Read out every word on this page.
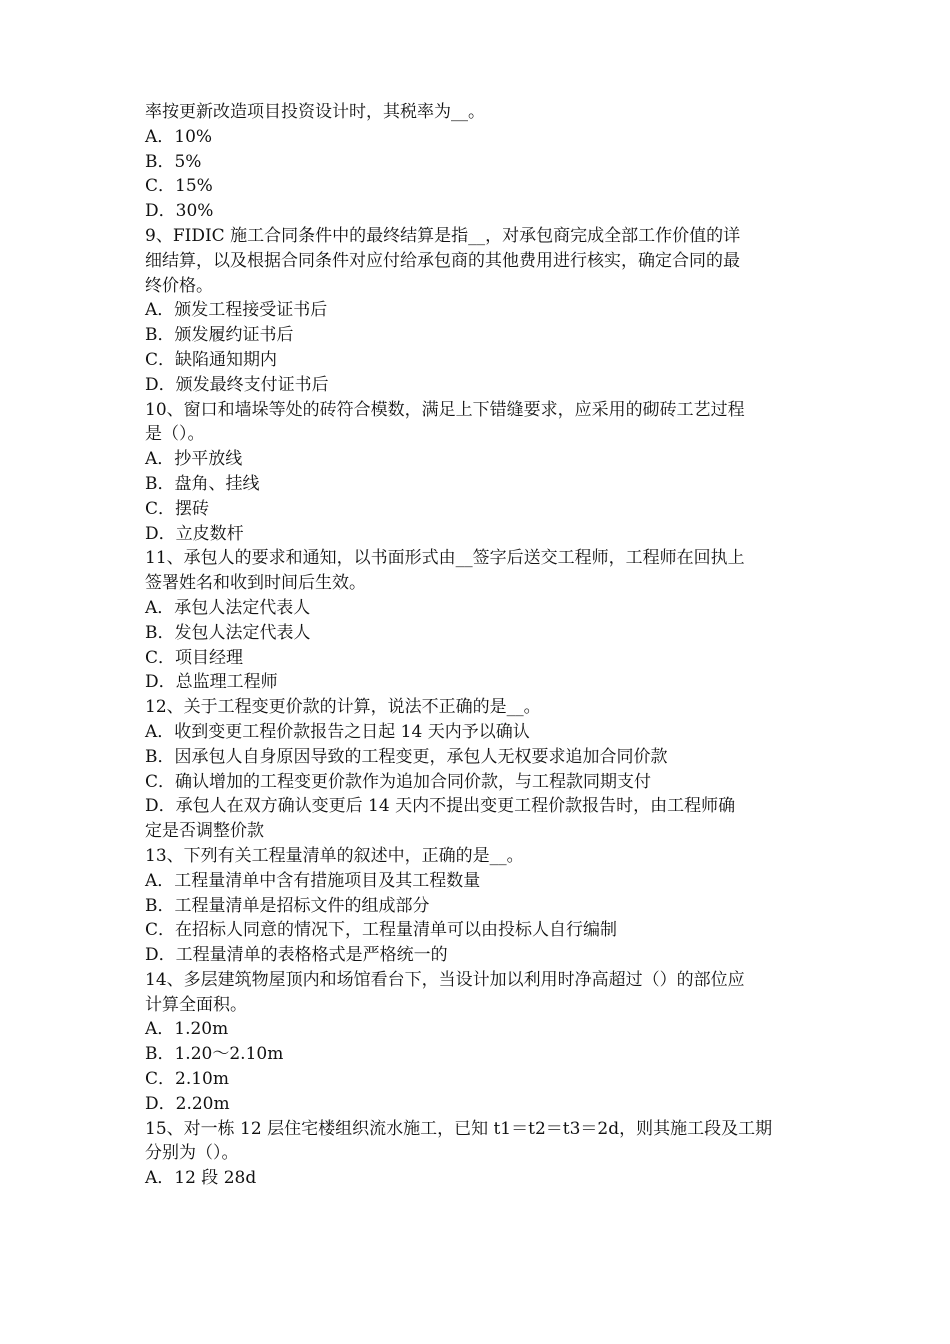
率按更新改造项目投资设计时，其税率为__。
A．10%
B．5%
C．15%
D．30%
9、FIDIC 施工合同条件中的最终结算是指__，对承包商完成全部工作价值的详
细结算，以及根据合同条件对应付给承包商的其他费用进行核实，确定合同的最
终价格。
A．颁发工程接受证书后
B．颁发履约证书后
C．缺陷通知期内
D．颁发最终支付证书后
10、窗口和墙垛等处的砖符合模数，满足上下错缝要求，应采用的砌砖工艺过程
是（）。
A．抄平放线
B．盘角、挂线
C．摆砖
D．立皮数杆
11、承包人的要求和通知，以书面形式由__签字后送交工程师，工程师在回执上
签署姓名和收到时间后生效。
A．承包人法定代表人
B．发包人法定代表人
C．项目经理
D．总监理工程师
12、关于工程变更价款的计算，说法不正确的是__。
A．收到变更工程价款报告之日起 14 天内予以确认
B．因承包人自身原因导致的工程变更，承包人无权要求追加合同价款
C．确认增加的工程变更价款作为追加合同价款，与工程款同期支付
D．承包人在双方确认变更后 14 天内不提出变更工程价款报告时，由工程师确
定是否调整价款
13、下列有关工程量清单的叙述中，正确的是__。
A．工程量清单中含有措施项目及其工程数量
B．工程量清单是招标文件的组成部分
C．在招标人同意的情况下，工程量清单可以由投标人自行编制
D．工程量清单的表格格式是严格统一的
14、多层建筑物屋顶内和场馆看台下，当设计加以利用时净高超过（）的部位应
计算全面积。
A．1.20m
B．1.20～2.10m
C．2.10m
D．2.20m
15、对一栋 12 层住宅楼组织流水施工，已知 t1＝t2＝t3＝2d，则其施工段及工期
分别为（）。
A．12 段 28d
